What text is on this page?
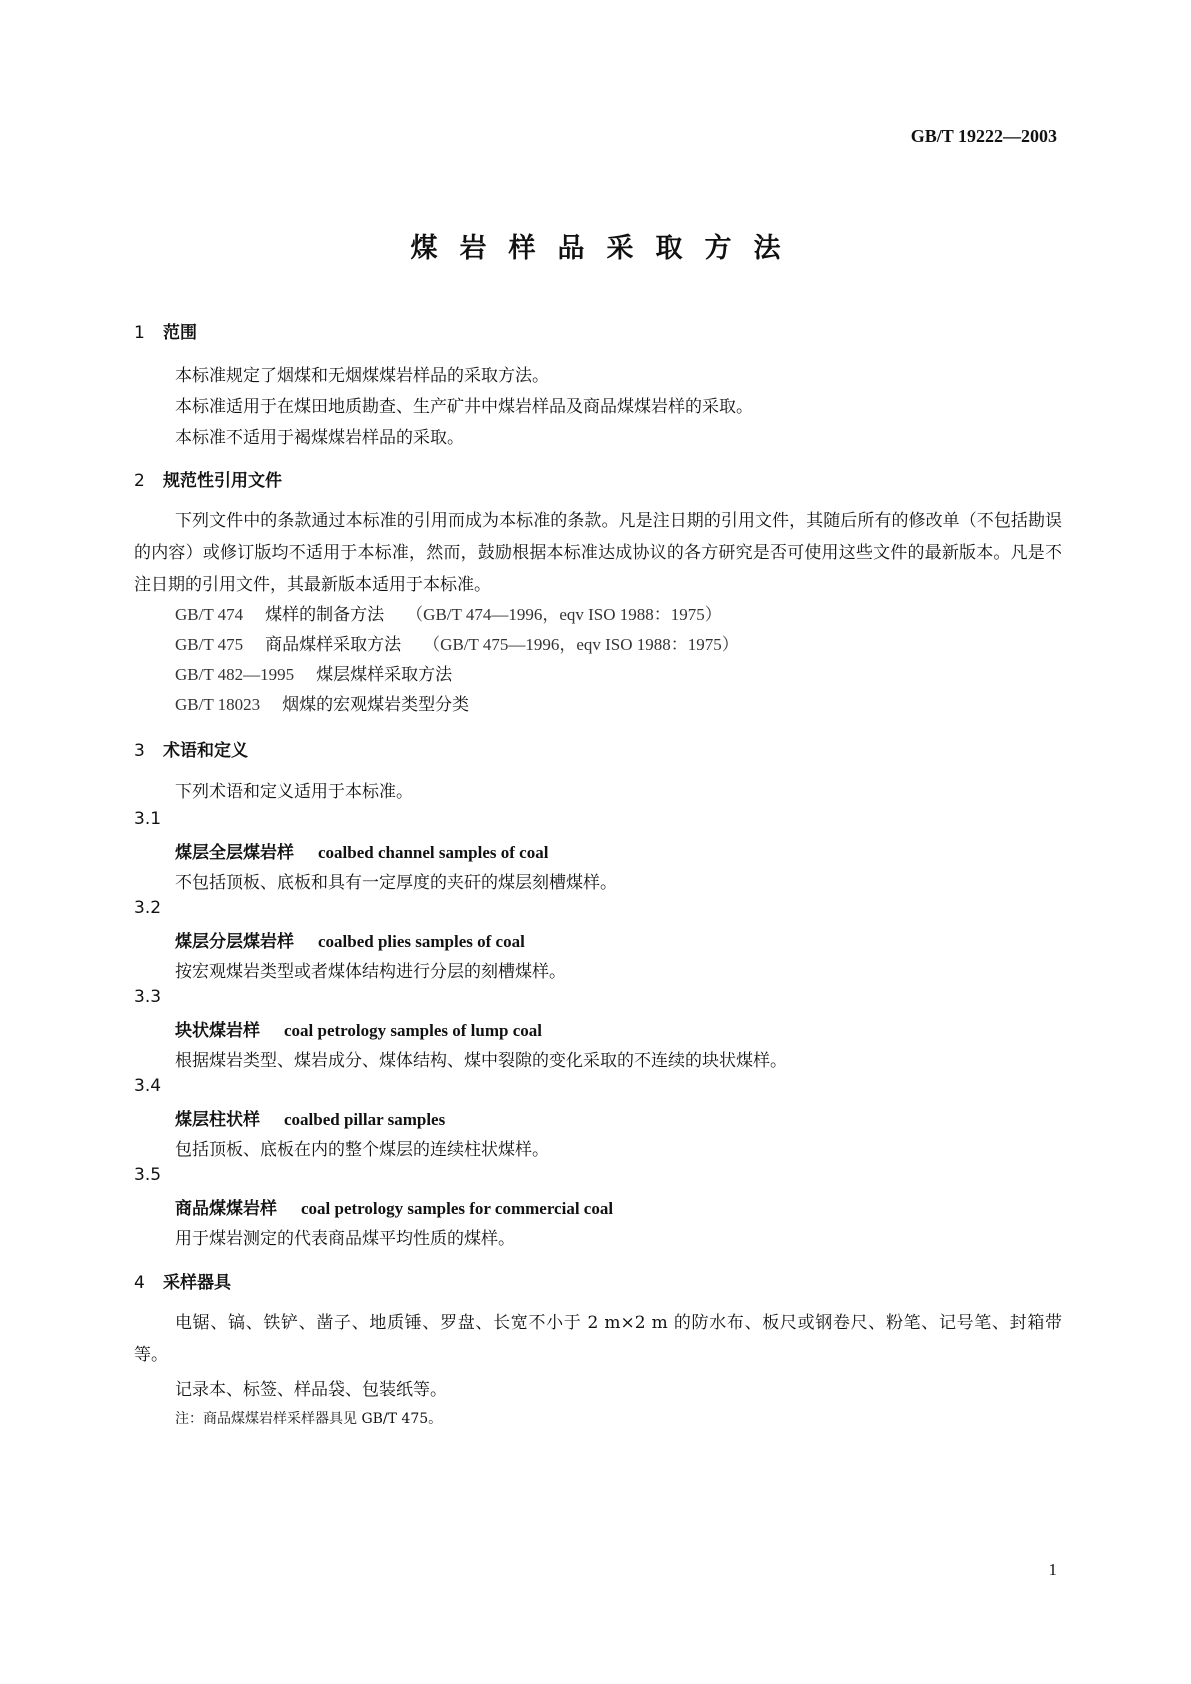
GB/T 19222—2003
煤岩样品采取方法
1 范围
本标准规定了烟煤和无烟煤煤岩样品的采取方法。
本标准适用于在煤田地质勘查、生产矿井中煤岩样品及商品煤煤岩样的采取。
本标准不适用于褐煤煤岩样品的采取。
2 规范性引用文件
下列文件中的条款通过本标准的引用而成为本标准的条款。凡是注日期的引用文件，其随后所有的修改单（不包括勘误的内容）或修订版均不适用于本标准，然而，鼓励根据本标准达成协议的各方研究是否可使用这些文件的最新版本。凡是不注日期的引用文件，其最新版本适用于本标准。
GB/T 474 煤样的制备方法 （GB/T 474—1996，eqv ISO 1988：1975）
GB/T 475 商品煤样采取方法 （GB/T 475—1996，eqv ISO 1988：1975）
GB/T 482—1995 煤层煤样采取方法
GB/T 18023 烟煤的宏观煤岩类型分类
3 术语和定义
下列术语和定义适用于本标准。
3.1
煤层全层煤岩样 coalbed channel samples of coal
不包括顶板、底板和具有一定厚度的夹矸的煤层刻槽煤样。
3.2
煤层分层煤岩样 coalbed plies samples of coal
按宏观煤岩类型或者煤体结构进行分层的刻槽煤样。
3.3
块状煤岩样 coal petrology samples of lump coal
根据煤岩类型、煤岩成分、煤体结构、煤中裂隙的变化采取的不连续的块状煤样。
3.4
煤层柱状样 coalbed pillar samples
包括顶板、底板在内的整个煤层的连续柱状煤样。
3.5
商品煤煤岩样 coal petrology samples for commercial coal
用于煤岩测定的代表商品煤平均性质的煤样。
4 采样器具
电锯、镐、铁铲、凿子、地质锤、罗盘、长宽不小于 2 m×2 m 的防水布、板尺或钢卷尺、粉笔、记号笔、封箱带等。
记录本、标签、样品袋、包装纸等。
注：商品煤煤岩样采样器具见 GB/T 475。
1
